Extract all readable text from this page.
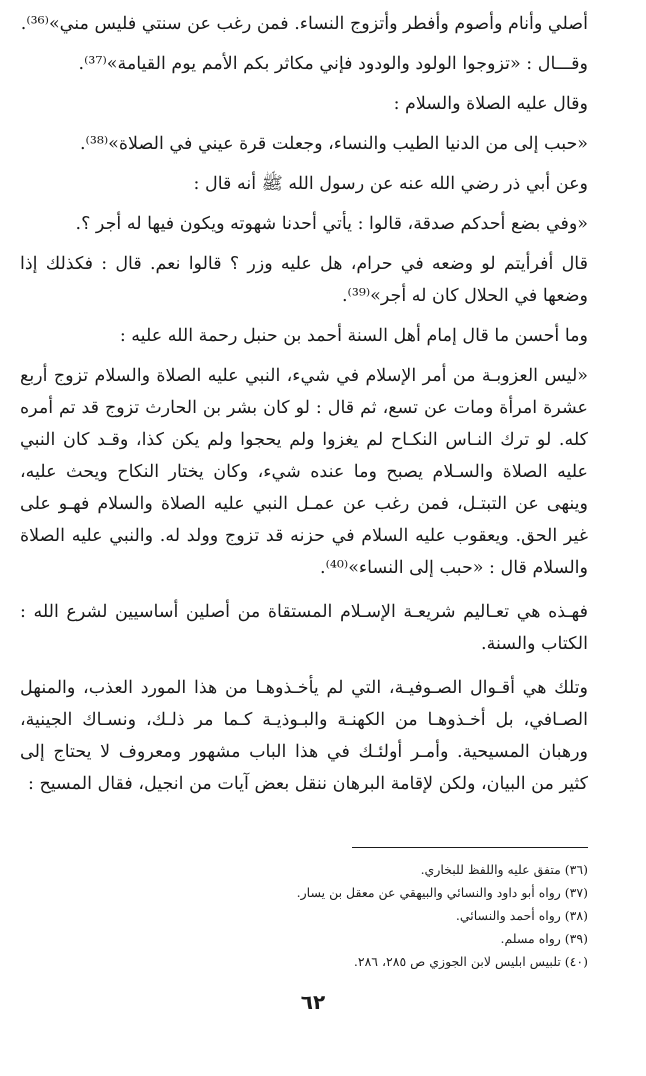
أصلي وأنام وأصوم وأفطر وأتزوج النساء. فمن رغب عن سنتي فليس مني»⁽³⁶⁾.

وقـــال : «تزوجوا الولود والودود فإني مكاثر بكم الأمم يوم القيامة»⁽³⁷⁾.

وقال عليه الصلاة والسلام :

«حبب إلى من الدنيا الطيب والنساء، وجعلت قرة عيني في الصلاة»⁽³⁸⁾.

وعن أبي ذر رضي الله عنه عن رسول الله ﷺ أنه قال :

«وفي بضع أحدكم صدقة، قالوا : يأتي أحدنا شهوته ويكون فيها له أجر ؟.

قال أفرأيتم لو وضعه في حرام، هل عليه وزر ؟ قالوا نعم. قال : فكذلك إذا وضعها في الحلال كان له أجر»⁽³⁹⁾.

وما أحسن ما قال إمام أهل السنة أحمد بن حنبل رحمة الله عليه :

«ليس العزوبـة من أمر الإسلام في شيء، النبي عليه الصلاة والسلام تزوج أربع عشرة امرأة ومات عن تسع، ثم قال : لو كان بشر بن الحارث تزوج قد تم أمره كله. لو ترك النـاس النكـاح لم يغزوا ولم يحجوا ولم يكن كذا، وقـد كان النبي عليه الصلاة والسـلام يصبح وما عنده شيء، وكان يختار النكاح ويحث عليه، وينهى عن التبتـل، فمن رغب عن عمـل النبي عليه الصلاة والسلام فهـو على غير الحق. ويعقوب عليه السلام في حزنه قد تزوج وولد له. والنبي عليه الصلاة والسلام قال : «حبب إلى النساء»⁽⁴⁰⁾.

فهـذه هي تعـاليم شريعـة الإسـلام المستقاة من أصلين أساسيين لشرع الله : الكتاب والسنة.

وتلك هي أقـوال الصـوفيـة، التي لم يأخـذوهـا من هذا المورد العذب، والمنهل الصـافي، بل أخـذوهـا من الكهنـة والبـوذيـة كـما مر ذلـك، ونسـاك الجينية، ورهبان المسيحية. وأمـر أولئـك في هذا الباب مشهور ومعروف لا يحتاج إلى كثير من البيان، ولكن لإقامة البرهان ننقل بعض آيات من انجيل، فقال المسيح :

(٣٦) متفق عليه واللفظ للبخاري.
(٣٧) رواه أبو داود والنسائي والبيهقي عن معقل بن يسار.
(٣٨) رواه أحمد والنسائي.
(٣٩) رواه مسلم.
(٤٠) تلبيس ابليس لابن الجوزي ص ٢٨٥، ٢٨٦.
٦٢
